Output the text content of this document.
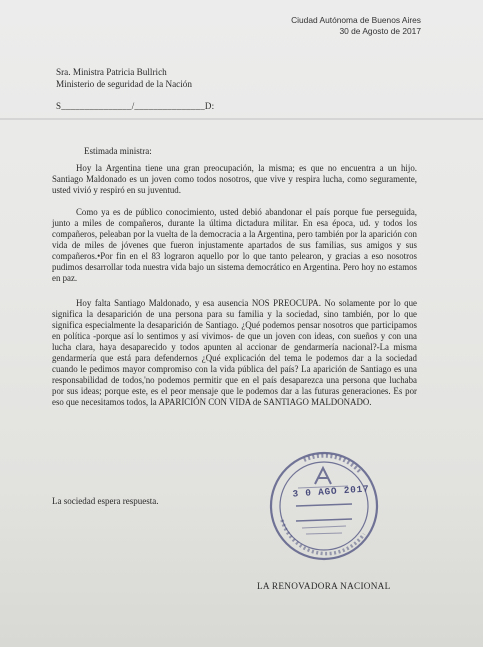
Ciudad Autónoma de Buenos Aires
30 de Agosto de 2017
Sra. Ministra Patricia Bullrich
Ministerio de seguridad de la Nación
S_______________/_______________D:
Estimada ministra:
Hoy la Argentina tiene una gran preocupación, la misma; es que no encuentra a un hijo. Santiago Maldonado es un joven como todos nosotros, que vive y respira lucha, como seguramente, usted vivió y respiró en su juventud.
Como ya es de público conocimiento, usted debió abandonar el país porque fue perseguida, junto a miles de compañeros, durante la última dictadura militar. En esa época, ud. y todos los compañeros, peleaban por la vuelta de la democracia a la Argentina, pero también por la aparición con vida de miles de jóvenes que fueron injustamente apartados de sus familias, sus amigos y sus compañeros.•Por fin en el 83 lograron aquello por lo que tanto pelearon, y gracias a eso nosotros pudimos desarrollar toda nuestra vida bajo un sistema democrático en Argentina. Pero hoy no estamos en paz.
Hoy falta Santiago Maldonado, y esa ausencia NOS PREOCUPA. No solamente por lo que significa la desaparición de una persona para su familia y la sociedad, sino también, por lo que significa especialmente la desaparición de Santiago. ¿Qué podemos pensar nosotros que participamos en política -porque así lo sentimos y así vivimos- de que un joven con ideas, con sueños y con una lucha clara, haya desaparecido y todos apunten al accionar de gendarmería nacional?-La misma gendarmería que está para defendernos ¿Qué explicación del tema le podemos dar a la sociedad cuando le pedimos mayor compromiso con la vida pública del país? La aparición de Santiago es una responsabilidad de todos,'no podemos permitir que en el país desaparezca una persona que luchaba por sus ideas; porque este, es el peor mensaje que le podemos dar a las futuras generaciones. Es por eso que necesitamos todos, la APARICIÓN CON VIDA de SANTIAGO MALDONADO.
La sociedad espera respuesta.
3 0 AGO 2017
LA RENOVADORA NACIONAL
